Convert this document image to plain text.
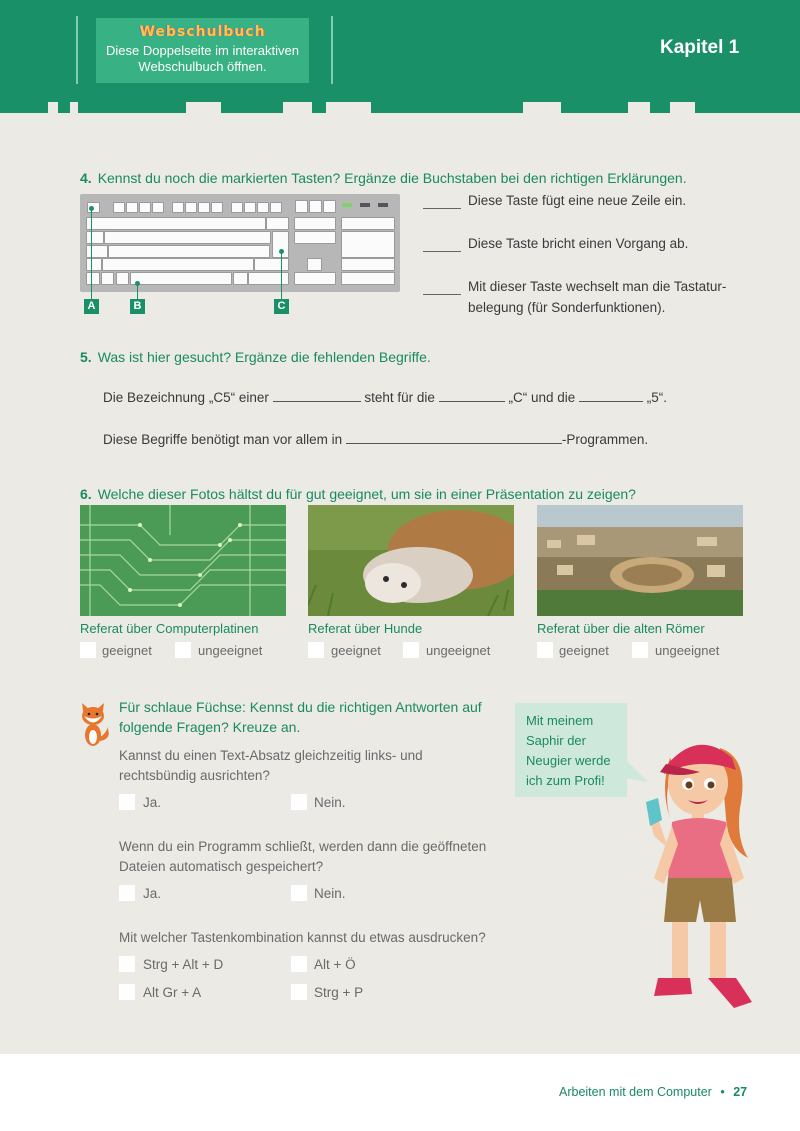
Webschulbuch
Diese Doppelseite im interaktiven
Webschulbuch öffnen.
Kapitel 1
4. Kennst du noch die markierten Tasten? Ergänze die Buchstaben bei den richtigen Erklärungen.
A	B	C
Diese Taste fügt eine neue Zeile ein.
Diese Taste bricht einen Vorgang ab.
Mit dieser Taste wechselt man die Tastatur-
belegung (für Sonderfunktionen).
5. Was ist hier gesucht? Ergänze die fehlenden Begriffe.
Die Bezeichnung „C5“ einer	steht für die	„C“ und die	„5“.
Diese Begriffe benötigt man vor allem in	-Programmen.
6. Welche dieser Fotos hältst du für gut geeignet, um sie in einer Präsentation zu zeigen?
Referat über Computerplatinen	Referat über Hunde	Referat über die alten Römer
geeignet	ungeeignet	geeignet	ungeeignet	geeignet	ungeeignet
Für schlaue Füchse: Kennst du die richtigen Antworten auf
folgende Fragen? Kreuze an.
Kannst du einen Text-Absatz gleichzeitig links- und
rechtsbündig ausrichten?
Ja.	Nein.
Wenn du ein Programm schließt, werden dann die geöffneten
Dateien automatisch gespeichert?
Ja.	Nein.
Mit welcher Tastenkombination kannst du etwas ausdrucken?
Strg + Alt + D	Alt + Ö
Alt Gr + A	Strg + P
Mit meinem
Saphir der
Neugier werde
ich zum Profi!
Arbeiten mit dem Computer • 27
